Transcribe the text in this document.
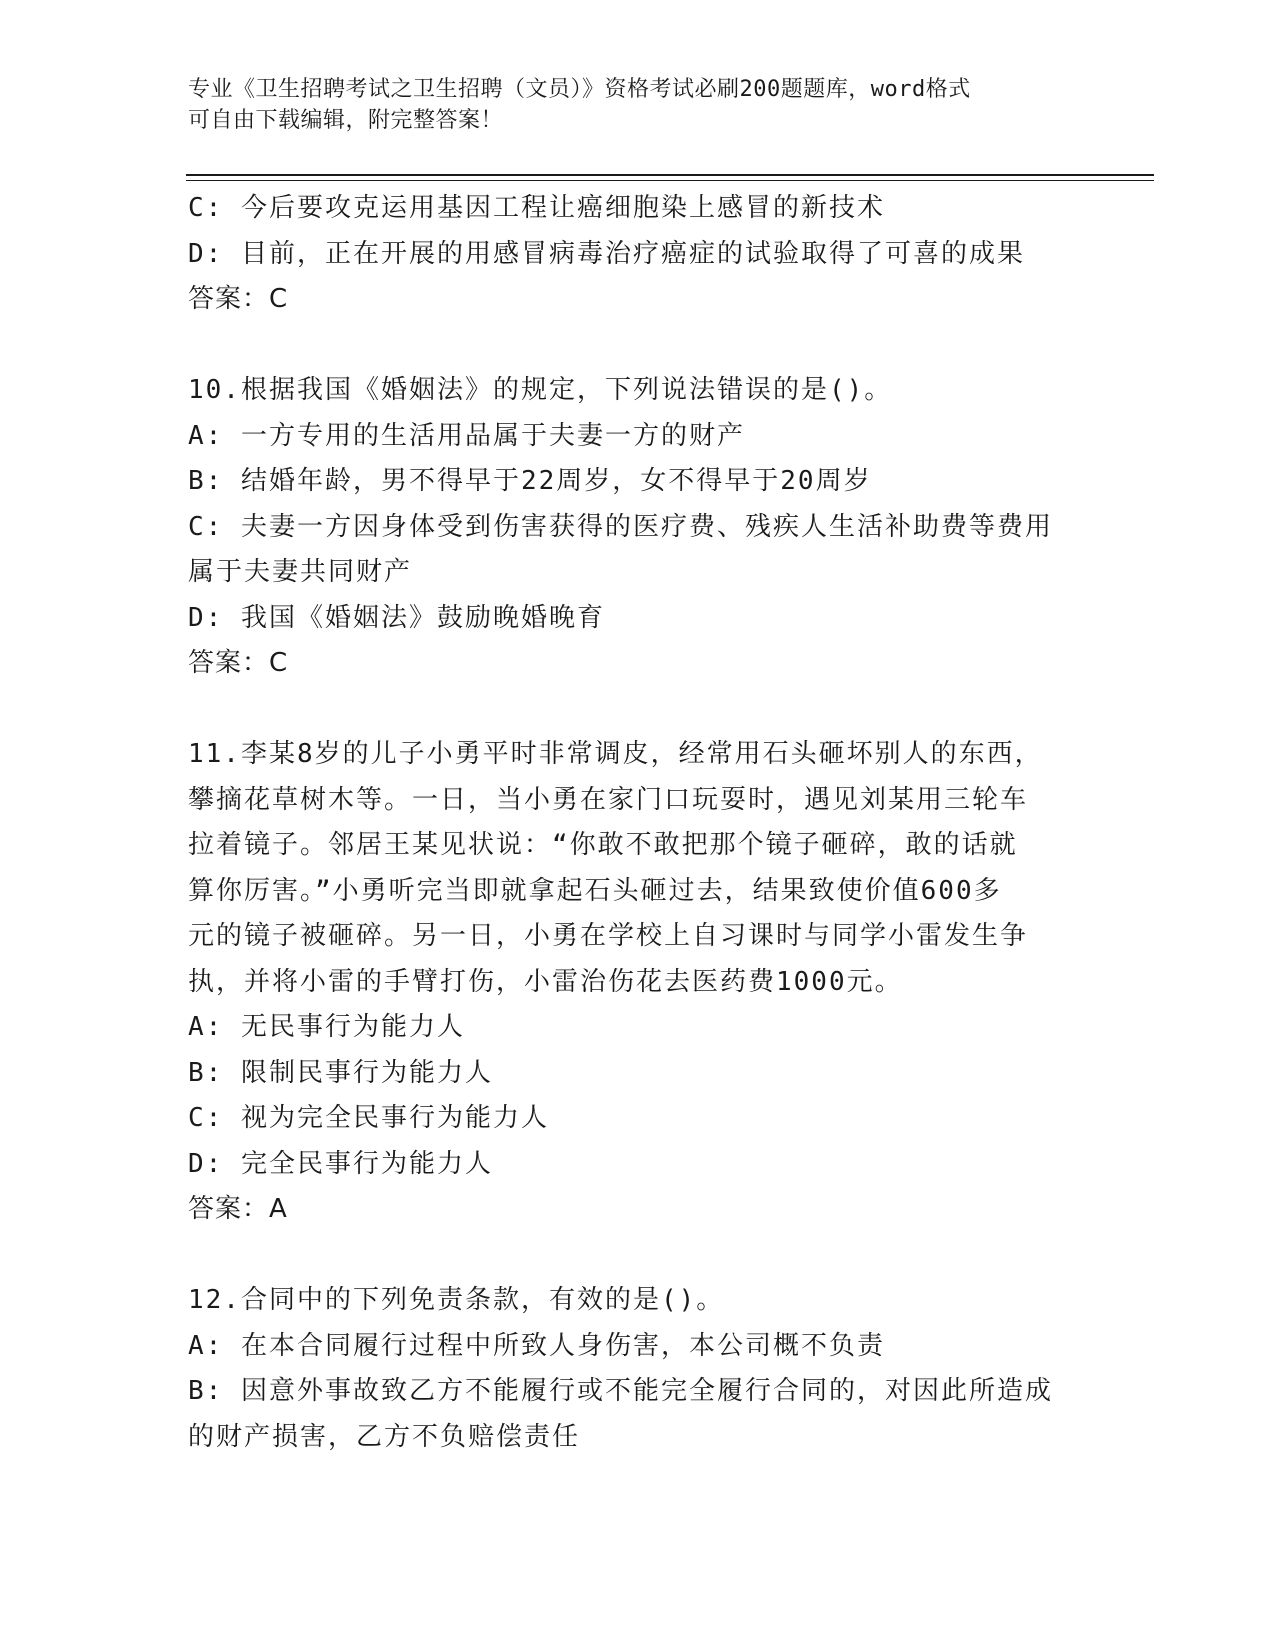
专业《卫生招聘考试之卫生招聘（文员）》资格考试必刷200题题库，word格式
可自由下载编辑，附完整答案！
C: 今后要攻克运用基因工程让癌细胞染上感冒的新技术
D: 目前，正在开展的用感冒病毒治疗癌症的试验取得了可喜的成果
答案：C
10.根据我国《婚姻法》的规定，下列说法错误的是()。
A: 一方专用的生活用品属于夫妻一方的财产
B: 结婚年龄，男不得早于22周岁，女不得早于20周岁
C: 夫妻一方因身体受到伤害获得的医疗费、残疾人生活补助费等费用
属于夫妻共同财产
D: 我国《婚姻法》鼓励晚婚晚育
答案：C
11.李某8岁的儿子小勇平时非常调皮，经常用石头砸坏别人的东西，
攀摘花草树木等。一日，当小勇在家门口玩耍时，遇见刘某用三轮车
拉着镜子。邻居王某见状说：“你敢不敢把那个镜子砸碎，敢的话就
算你厉害。”小勇听完当即就拿起石头砸过去，结果致使价值600多
元的镜子被砸碎。另一日，小勇在学校上自习课时与同学小雷发生争
执，并将小雷的手臂打伤，小雷治伤花去医药费1000元。
A: 无民事行为能力人
B: 限制民事行为能力人
C: 视为完全民事行为能力人
D: 完全民事行为能力人
答案：A
12.合同中的下列免责条款，有效的是()。
A: 在本合同履行过程中所致人身伤害，本公司概不负责
B: 因意外事故致乙方不能履行或不能完全履行合同的，对因此所造成
的财产损害，乙方不负赔偿责任
